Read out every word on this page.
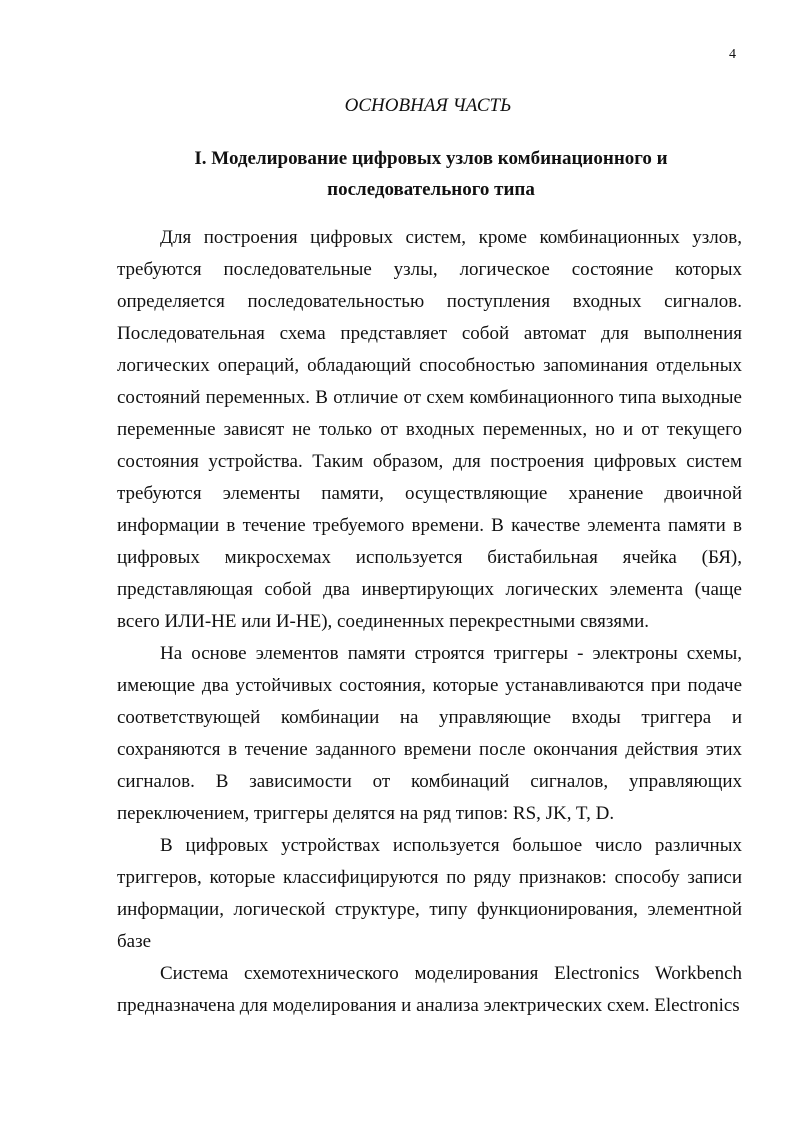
4
ОСНОВНАЯ ЧАСТЬ
I. Моделирование цифровых узлов комбинационного и
последовательного типа

Для построения цифровых систем, кроме комбинационных узлов, требуются последовательные узлы, логическое состояние которых определяется последовательностью поступления входных сигналов. Последовательная схема представляет собой автомат для выполнения логических операций, обладающий способностью запоминания отдельных состояний переменных. В отличие от схем комбинационного типа выходные переменные зависят не только от входных переменных, но и от текущего состояния устройства. Таким образом, для построения цифровых систем требуются элементы памяти, осуществляющие хранение двоичной информации в течение требуемого времени. В качестве элемента памяти в цифровых микросхемах используется бистабильная ячейка (БЯ), представляющая собой два инвертирующих логических элемента (чаще всего ИЛИ-НЕ или И-НЕ), соединенных перекрестными связями.

На основе элементов памяти строятся триггеры - электроны схемы, имеющие два устойчивых состояния, которые устанавливаются при подаче соответствующей комбинации на управляющие входы триггера и сохраняются в течение заданного времени после окончания действия этих сигналов. В зависимости от комбинаций сигналов, управляющих переключением, триггеры делятся на ряд типов: RS, JK, T, D.

В цифровых устройствах используется большое число различных триггеров, которые классифицируются по ряду признаков: способу записи информации, логической структуре, типу функционирования, элементной базе

Система схемотехнического моделирования Electronics Workbench предназначена для моделирования и анализа электрических схем. Electronics
